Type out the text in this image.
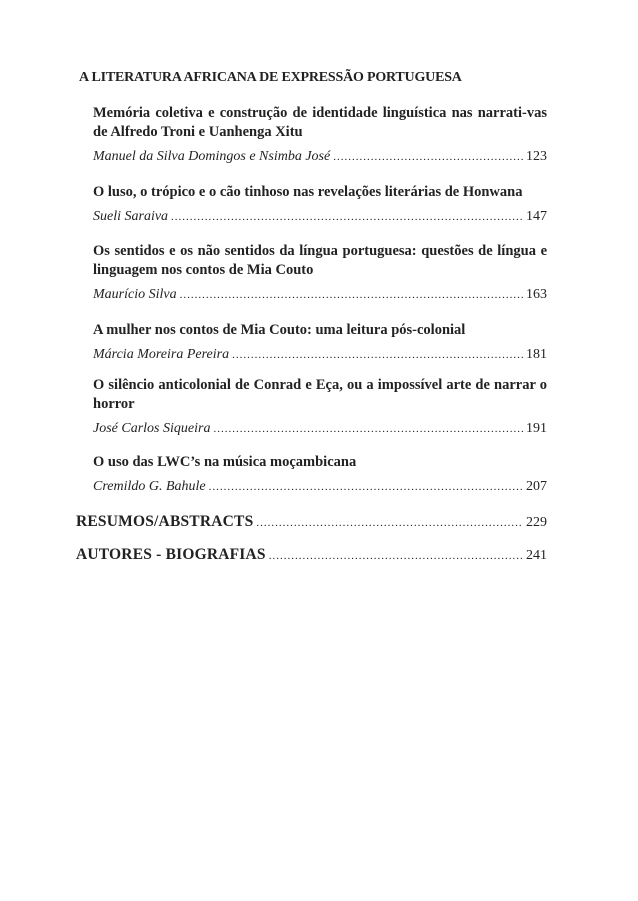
A LITERATURA AFRICANA DE EXPRESSÃO PORTUGUESA

Memória coletiva e construção de identidade linguística nas narrati-vas de Alfredo Troni e Uanhenga Xitu

Manuel da Silva Domingos e Nsimba José .....	123

O luso, o trópico e o cão tinhoso nas revelações literárias de Honwana

Sueli Saraiva .....	147

Os sentidos e os não sentidos da língua portuguesa: questões de língua e linguagem nos contos de Mia Couto

Maurício Silva .....	163

A mulher nos contos de Mia Couto: uma leitura pós-colonial

Márcia Moreira Pereira .....	181

O silêncio anticolonial de Conrad e Eça, ou a impossível arte de narrar o horror

José Carlos Siqueira .....	191

O uso das LWC’s na música moçambicana

Cremildo G. Bahule .....	207
RESUMOS/ABSTRACTS .....	229
AUTORES - BIOGRAFIAS .....	241
